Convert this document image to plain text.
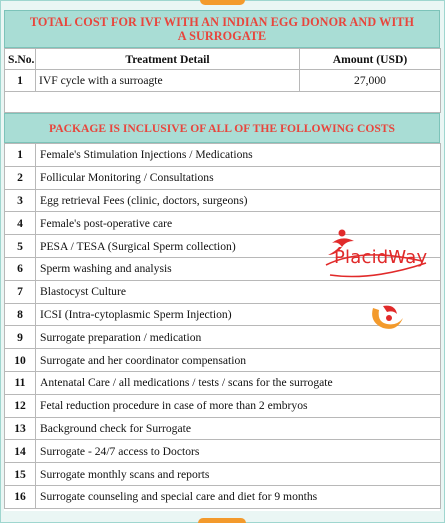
TOTAL COST FOR IVF WITH AN INDIAN EGG DONOR AND WITH A SURROGATE
S.No.	Treatment Detail	Amount (USD)
1	IVF cycle with a surroagte	27,000

PACKAGE IS INCLUSIVE OF ALL OF THE FOLLOWING COSTS
1	Female's Stimulation Injections / Medications
2	Follicular Monitoring / Consultations
3	Egg retrieval Fees (clinic, doctors, surgeons)
4	Female's post-operative care
5	PESA / TESA (Surgical Sperm collection)
6	Sperm washing and analysis
7	Blastocyst Culture
8	ICSI (Intra-cytoplasmic Sperm Injection)
9	Surrogate preparation / medication
10	Surrogate and her coordinator compensation
11	Antenatal Care / all medications / tests / scans for the surrogate
12	Fetal reduction procedure in case of more than 2 embryos
13	Background check for Surrogate
14	Surrogate - 24/7 access to Doctors
15	Surrogate monthly scans and reports
16	Surrogate counseling and special care and diet for 9 months
PlacidWay
